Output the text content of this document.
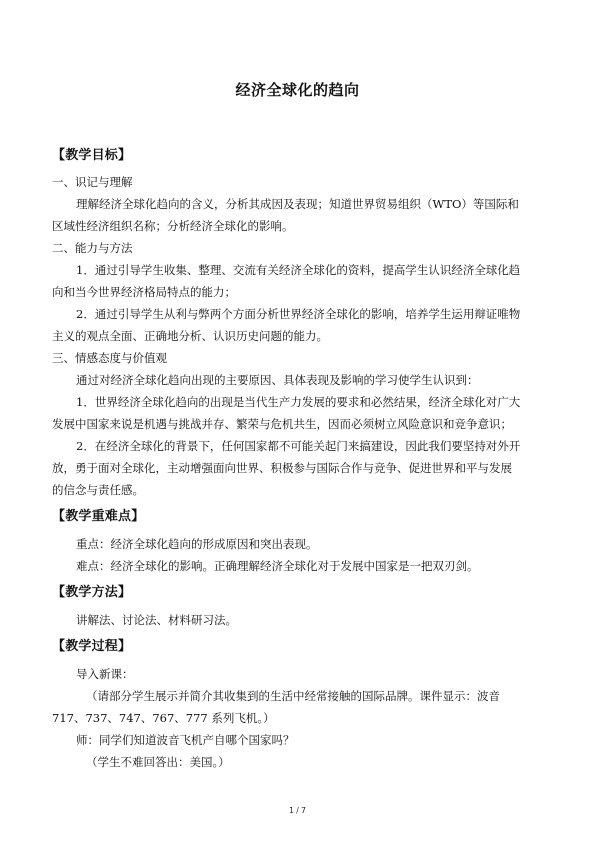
经济全球化的趋向
【教学目标】
一、识记与理解
理解经济全球化趋向的含义，分析其成因及表现；知道世界贸易组织（WTO）等国际和
区域性经济组织名称；分析经济全球化的影响。
二、能力与方法
1．通过引导学生收集、整理、交流有关经济全球化的资料，提高学生认识经济全球化趋
向和当今世界经济格局特点的能力；
2．通过引导学生从利与弊两个方面分析世界经济全球化的影响，培养学生运用辩证唯物
主义的观点全面、正确地分析、认识历史问题的能力。
三、情感态度与价值观
通过对经济全球化趋向出现的主要原因、具体表现及影响的学习使学生认识到：
1．世界经济全球化趋向的出现是当代生产力发展的要求和必然结果，经济全球化对广大
发展中国家来说是机遇与挑战并存、繁荣与危机共生，因而必须树立风险意识和竞争意识；
2．在经济全球化的背景下，任何国家都不可能关起门来搞建设，因此我们要坚持对外开
放，勇于面对全球化，主动增强面向世界、积极参与国际合作与竞争、促进世界和平与发展
的信念与责任感。
【教学重难点】
重点：经济全球化趋向的形成原因和突出表现。
难点：经济全球化的影响。正确理解经济全球化对于发展中国家是一把双刃剑。
【教学方法】
讲解法、讨论法、材料研习法。
【教学过程】
导入新课：
（请部分学生展示并简介其收集到的生活中经常接触的国际品牌。课件显示：波音
717、737、747、767、777 系列飞机。）
师：同学们知道波音飞机产自哪个国家吗？
（学生不难回答出：美国。）
1 / 7
